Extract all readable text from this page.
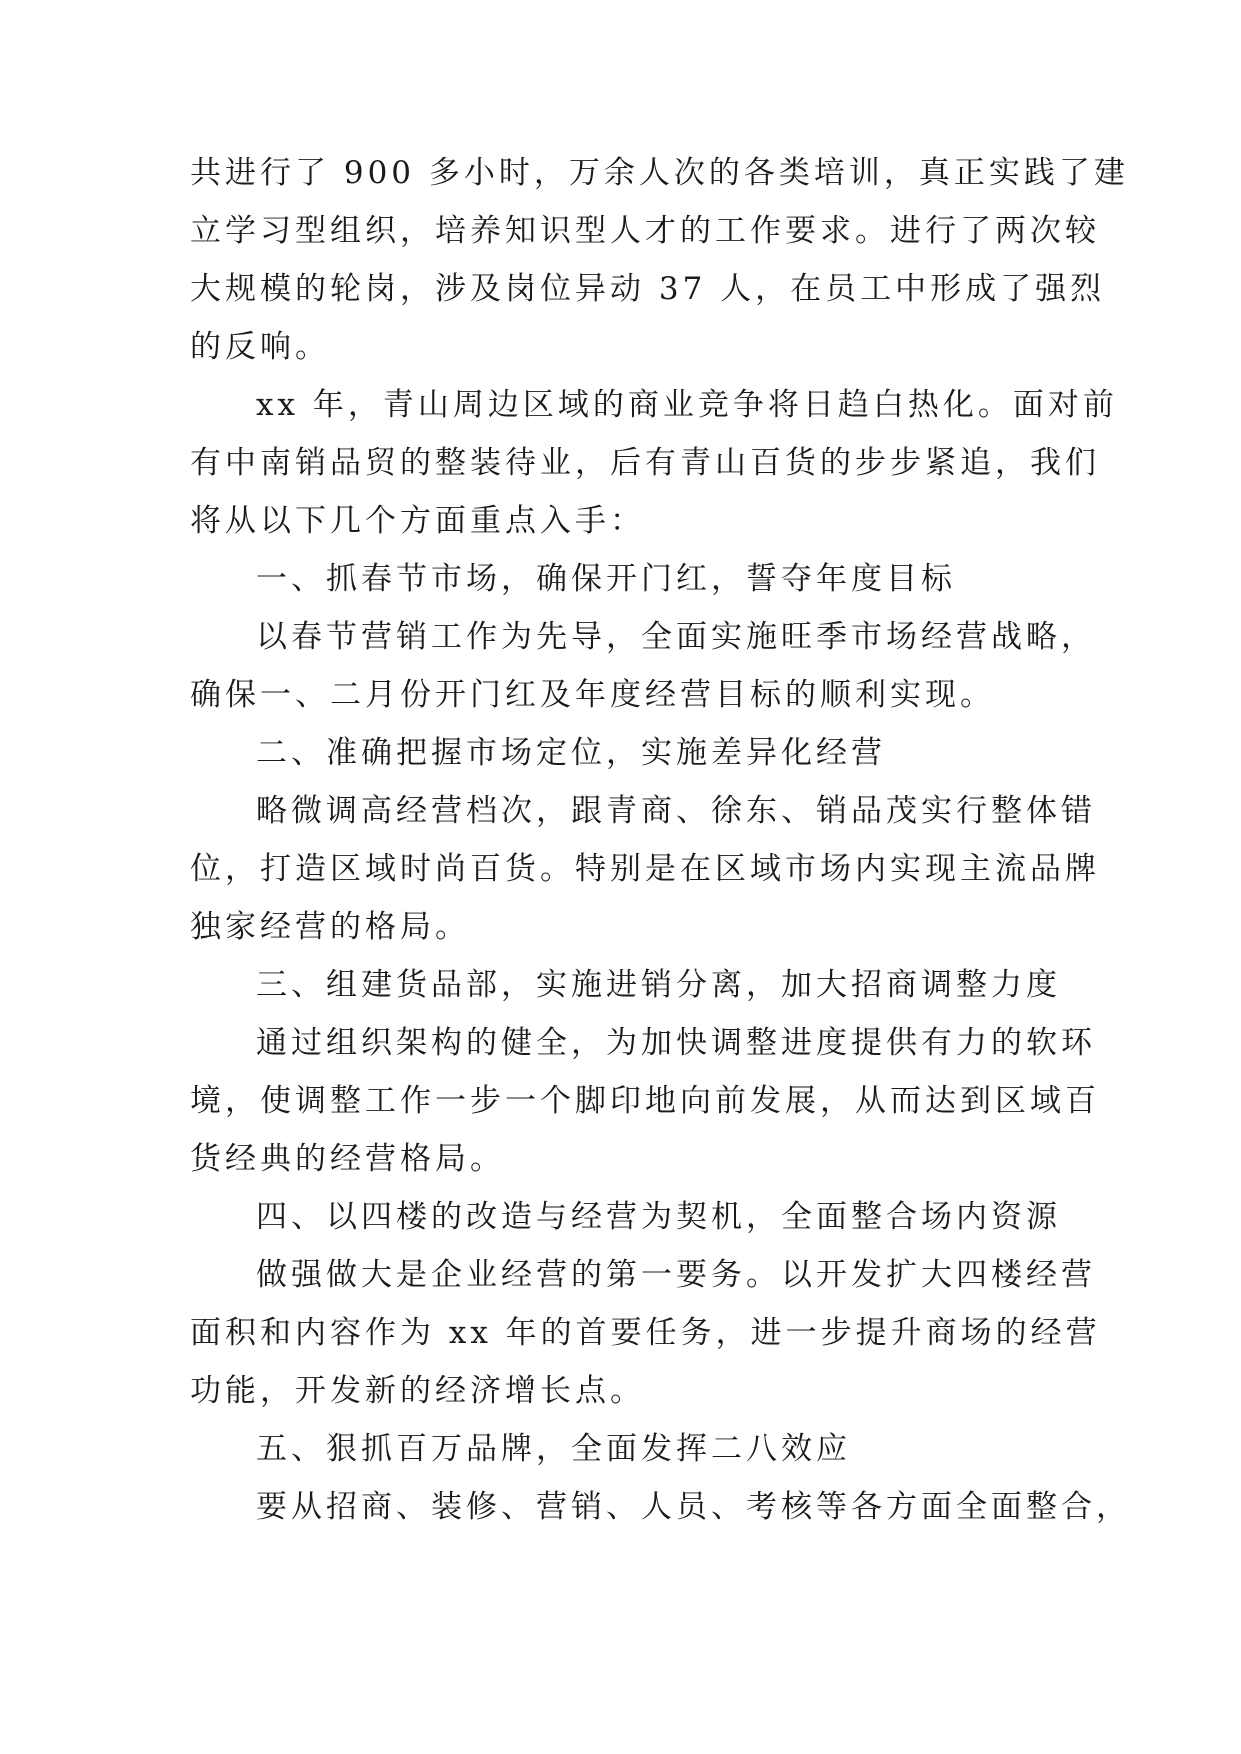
共进行了 900 多小时，万余人次的各类培训，真正实践了建
立学习型组织，培养知识型人才的工作要求。进行了两次较
大规模的轮岗，涉及岗位异动 37 人，在员工中形成了强烈
的反响。
xx 年，青山周边区域的商业竞争将日趋白热化。面对前
有中南销品贸的整装待业，后有青山百货的步步紧追，我们
将从以下几个方面重点入手：
一、抓春节市场，确保开门红，誓夺年度目标
以春节营销工作为先导，全面实施旺季市场经营战略，
确保一、二月份开门红及年度经营目标的顺利实现。
二、准确把握市场定位，实施差异化经营
略微调高经营档次，跟青商、徐东、销品茂实行整体错
位，打造区域时尚百货。特别是在区域市场内实现主流品牌
独家经营的格局。
三、组建货品部，实施进销分离，加大招商调整力度
通过组织架构的健全，为加快调整进度提供有力的软环
境，使调整工作一步一个脚印地向前发展，从而达到区域百
货经典的经营格局。
四、以四楼的改造与经营为契机，全面整合场内资源
做强做大是企业经营的第一要务。以开发扩大四楼经营
面积和内容作为 xx 年的首要任务，进一步提升商场的经营
功能，开发新的经济增长点。
五、狠抓百万品牌，全面发挥二八效应
要从招商、装修、营销、人员、考核等各方面全面整合，
